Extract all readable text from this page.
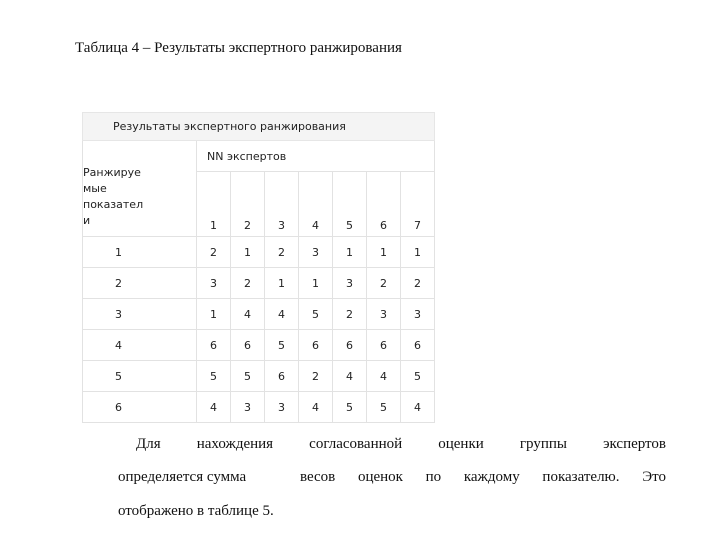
Таблица 4 – Результаты экспертного ранжирования
Результаты экспертного ранжирования							

Ранжируе
мые
показател
и	NN экспертов						
	1	2	3	4	5	6	7
1	2	1	2	3	1	1	1
2	3	2	1	1	3	2	2
3	1	4	4	5	2	3	3
4	6	6	5	6	6	6	6
5	5	5	6	2	4	4	5
6	4	3	3	4	5	5	4
Для нахождения согласованной оценки группы экспертов
определяется сумма	весов оценок по каждому показателю. Это
отображено в таблице 5.
